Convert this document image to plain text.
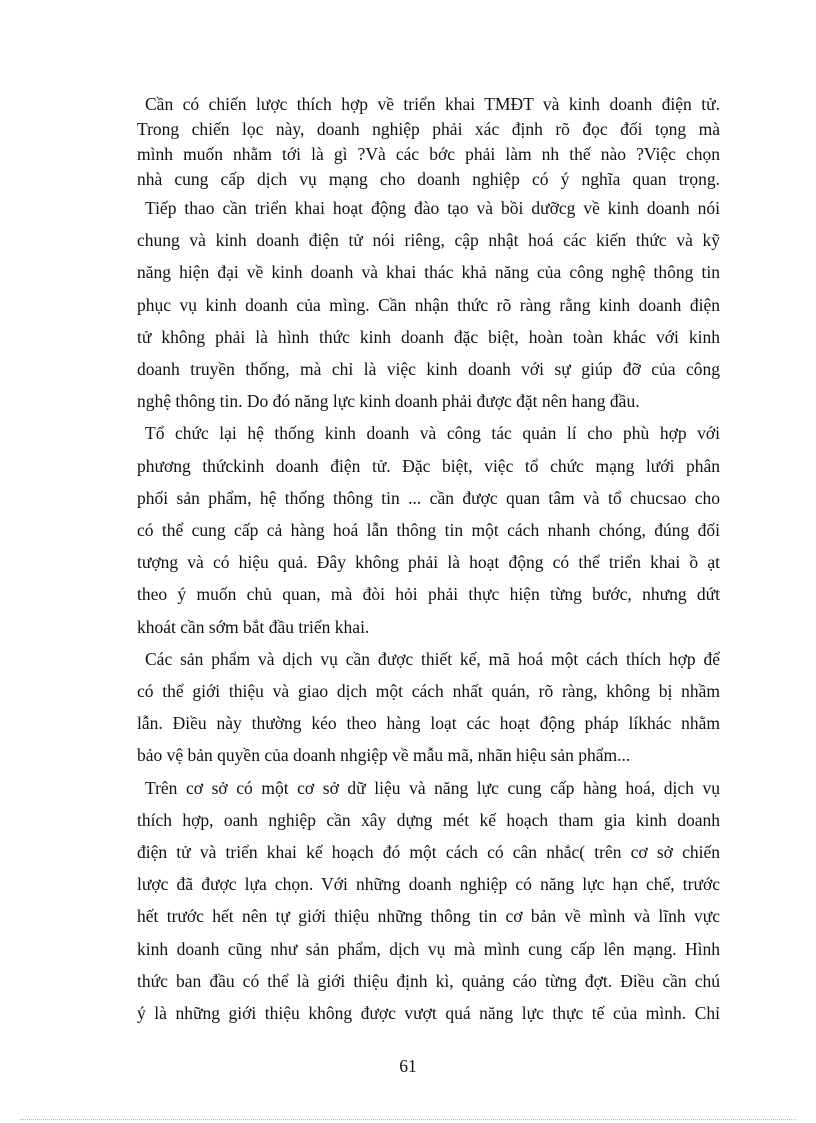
Cần có chiến lược thích hợp về triển khai TMĐT và kinh doanh điện tử.
Trong chiến lọc này, doanh nghiệp phải xác định rõ đọc đối tọng mà
mình muốn nhằm tới là gì ?Và các bớc phải làm nh thế nào ?Việc chọn
nhà cung cấp dịch vụ mạng cho doanh nghiệp có ý nghĩa quan trọng.
Tiếp thao cần triển khai hoạt động đào tạo và bồi dưỡcg về kinh doanh nói
chung và kinh doanh điện tử nói riêng, cập nhật hoá các kiến thức và kỹ
năng hiện đại về kinh doanh và khai thác khả năng của công nghệ thông tin
phục vụ kinh doanh của mìng. Cần nhận thức rõ ràng rằng kinh doanh điện
tử không phải là hình thức kinh doanh đặc biệt, hoàn toàn khác với kinh
doanh truyền thống, mà chỉ là việc kinh doanh với sự giúp đỡ của công
nghệ thông tin. Do đó năng lực kinh doanh phải được đặt nên hang đầu.
Tổ chức lại hệ thống kinh doanh và công tác quản lí cho phù hợp với
phương thứckinh doanh điện tử. Đặc biệt, việc tổ chức mạng lưới phân
phối sản phẩm, hệ thống thông tin ... cần được quan tâm và tổ chucsao cho
có thể cung cấp cả hàng hoá lẫn thông tin một cách nhanh chóng, đúng đối
tượng và có hiệu quả. Đây không phải là hoạt động có thể triển khai ồ ạt
theo ý muốn chủ quan, mà đòi hỏi phải thực hiện từng bước, nhưng dứt
khoát cần sớm bắt đầu triển khai.
Các sản phẩm và dịch vụ cần được thiết kế, mã hoá một cách thích hợp để
có thể giới thiệu và giao dịch một cách nhất quán, rõ ràng, không bị nhầm
lẫn. Điều này thường kéo theo hàng loạt các hoạt động pháp líkhác nhằm
bảo vệ bản quyền của doanh nhgiệp về mẫu mã, nhãn hiệu sản phẩm...
Trên cơ sở có một cơ sở dữ liệu và năng lực cung cấp hàng hoá, dịch vụ
thích hợp, oanh nghiệp cần xây dựng mét kế hoạch tham gia kinh doanh
điện tử và triển khai kế hoạch đó một cách có cân nhắc( trên cơ sở chiến
lược đã được lựa chọn. Với những doanh nghiệp có năng lực hạn chế, trước
hết trước hết nên tự giới thiệu những thông tin cơ bản về mình và lĩnh vực
kinh doanh cũng như sản phẩm, dịch vụ mà mình cung cấp lên mạng. Hình
thức ban đầu có thể là giới thiệu định kì, quảng cáo từng đợt. Điều cần chú
ý là những giới thiệu không được vượt quá năng lực thực tế của mình. Chỉ
61
